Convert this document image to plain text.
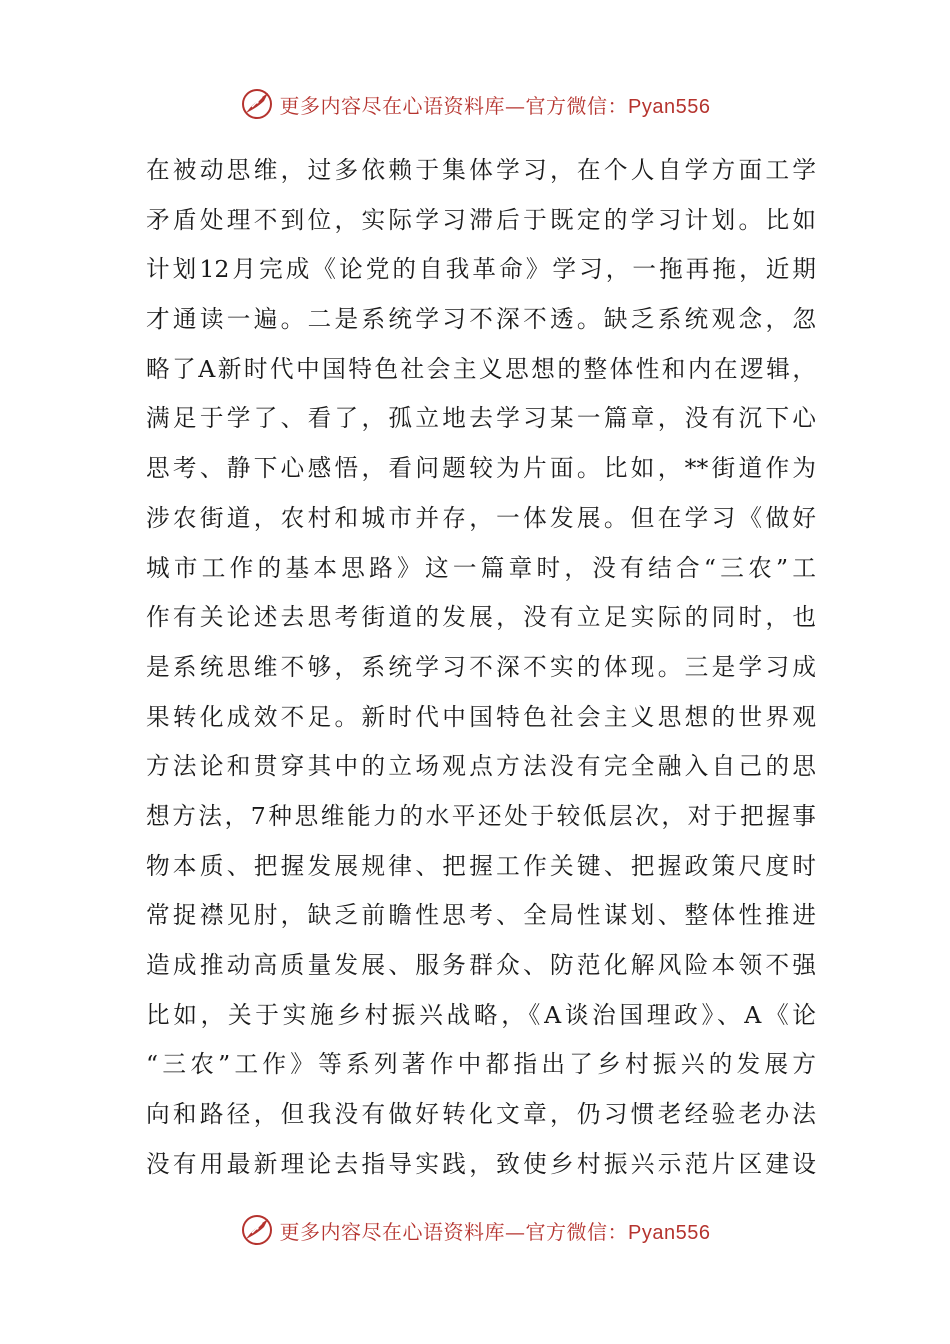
更多内容尽在心语资料库—官方微信：Pyan556
在被动思维，过多依赖于集体学习，在个人自学方面工学
矛盾处理不到位，实际学习滞后于既定的学习计划。比如
计划12月完成《论党的自我革命》学习，一拖再拖，近期
才通读一遍。二是系统学习不深不透。缺乏系统观念，忽
略了A新时代中国特色社会主义思想的整体性和内在逻辑，
满足于学了、看了，孤立地去学习某一篇章，没有沉下心
思考、静下心感悟，看问题较为片面。比如，**街道作为
涉农街道，农村和城市并存，一体发展。但在学习《做好
城市工作的基本思路》这一篇章时，没有结合“三农”工
作有关论述去思考街道的发展，没有立足实际的同时，也
是系统思维不够，系统学习不深不实的体现。三是学习成
果转化成效不足。新时代中国特色社会主义思想的世界观
方法论和贯穿其中的立场观点方法没有完全融入自己的思
想方法，7种思维能力的水平还处于较低层次，对于把握事
物本质、把握发展规律、把握工作关键、把握政策尺度时
常捉襟见肘，缺乏前瞻性思考、全局性谋划、整体性推进
造成推动高质量发展、服务群众、防范化解风险本领不强
比如，关于实施乡村振兴战略，《A谈治国理政》、A《论
“三农”工作》等系列著作中都指出了乡村振兴的发展方
向和路径，但我没有做好转化文章，仍习惯老经验老办法
没有用最新理论去指导实践，致使乡村振兴示范片区建设
更多内容尽在心语资料库—官方微信：Pyan556
